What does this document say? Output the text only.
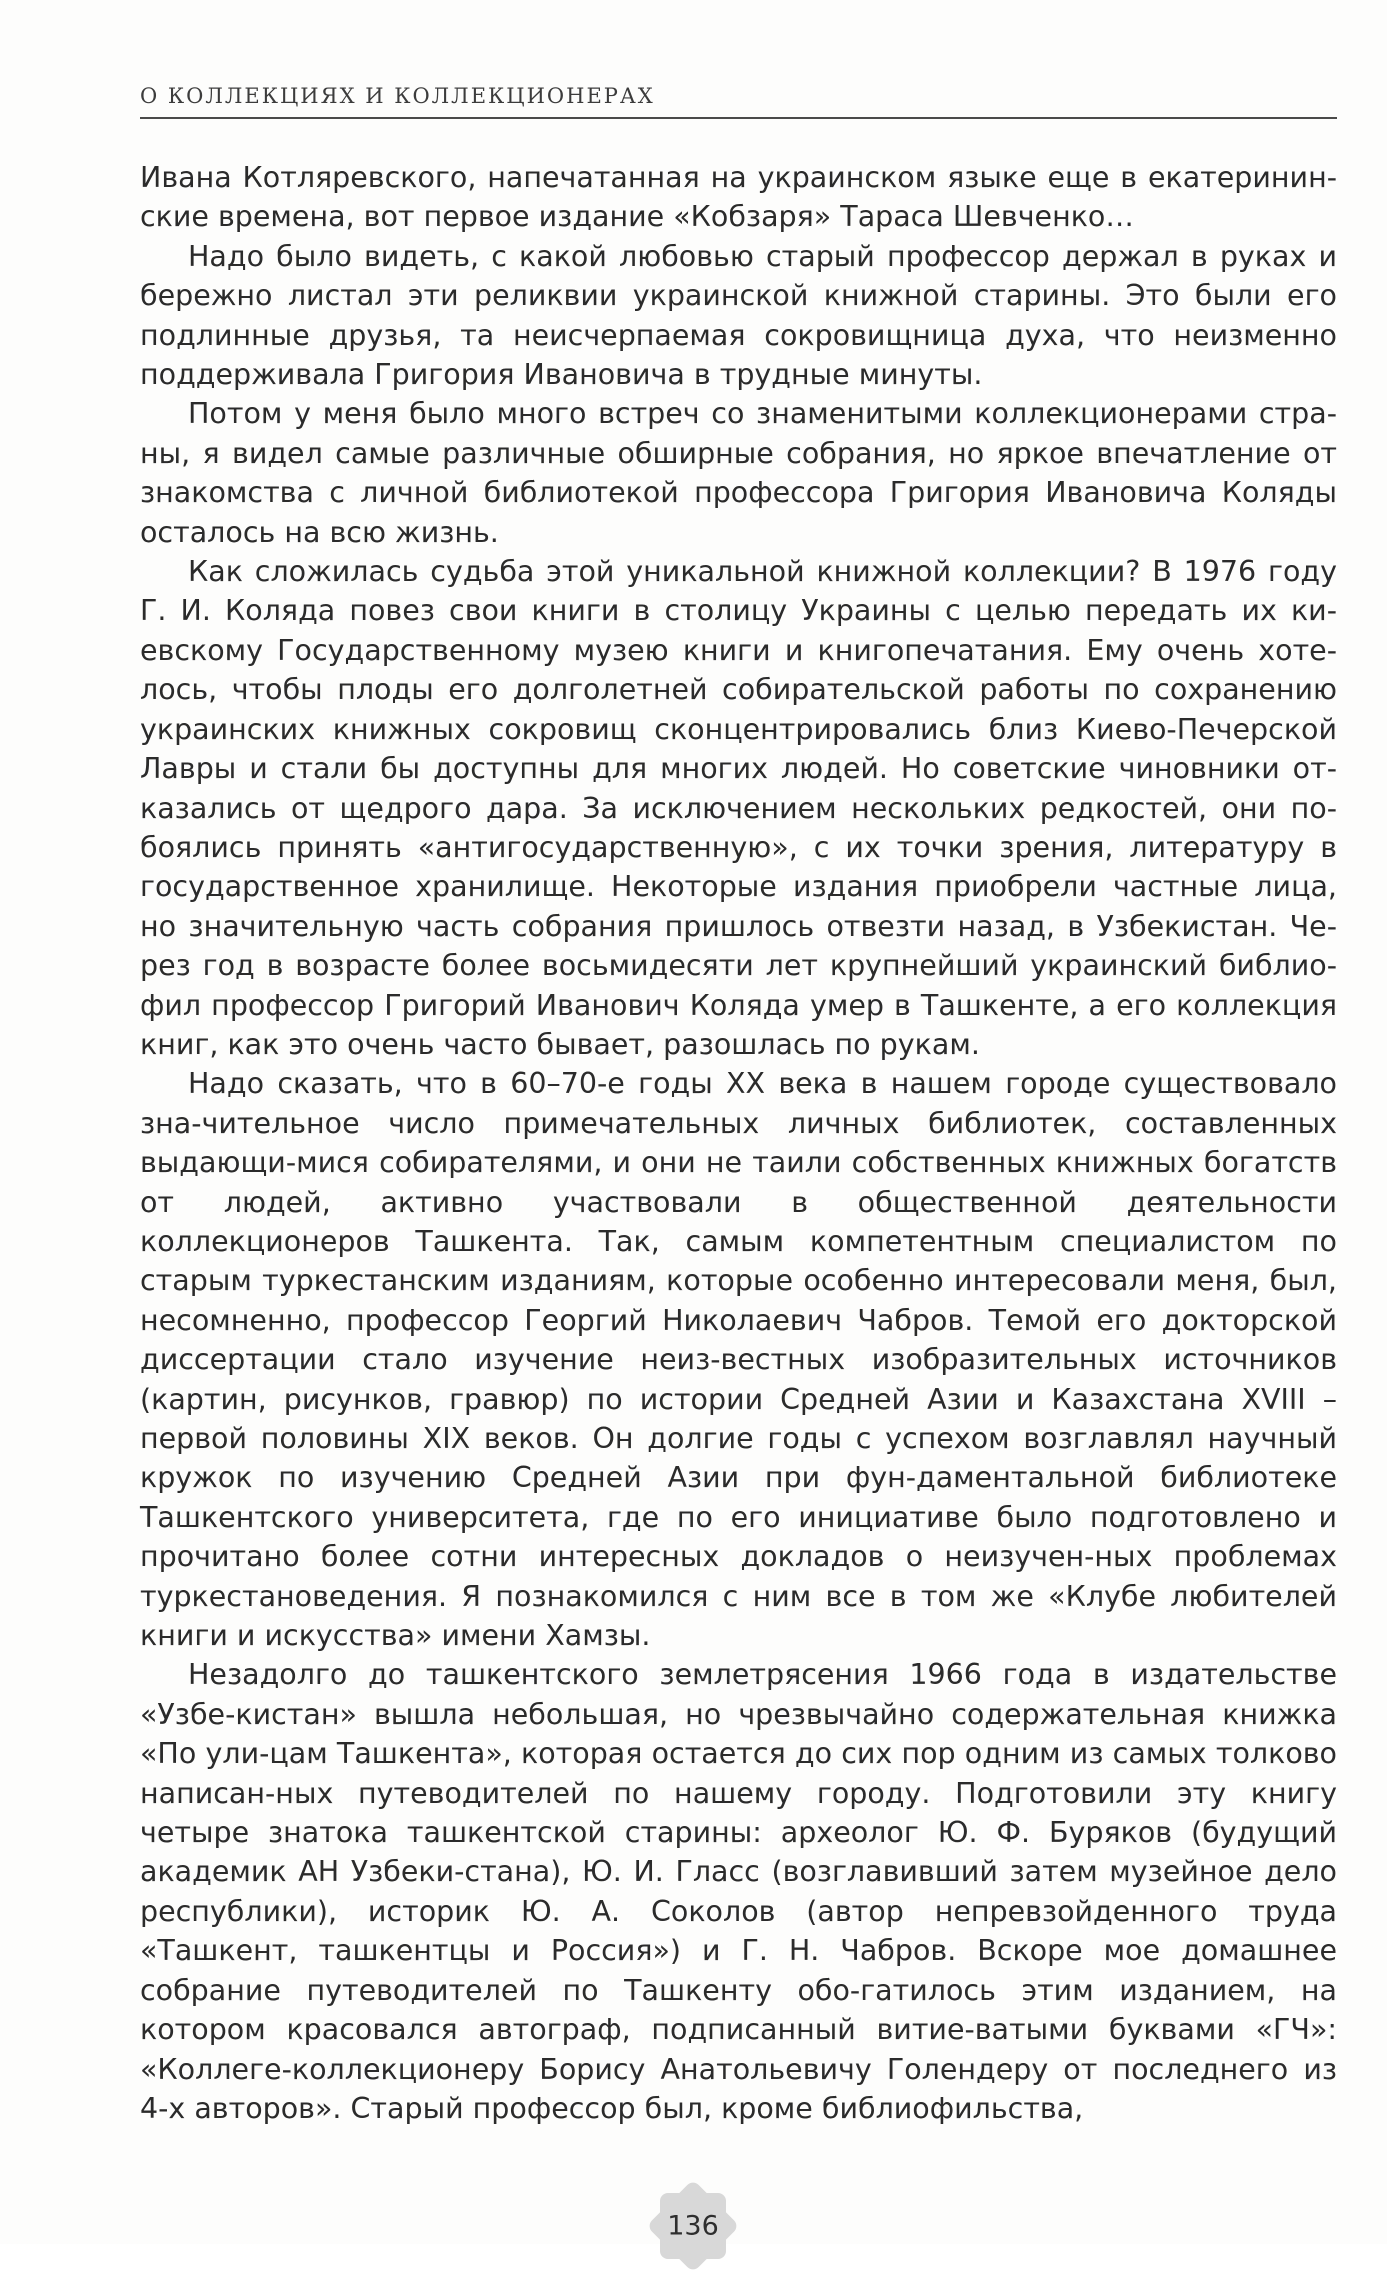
О КОЛЛЕКЦИЯХ И КОЛЛЕКЦИОНЕРАХ

Ивана Котляревского, напечатанная на украинском языке еще в екатеринин-ские времена, вот первое издание «Кобзаря» Тараса Шевченко…

Надо было видеть, с какой любовью старый профессор держал в руках и бережно листал эти реликвии украинской книжной старины. Это были его подлинные друзья, та неисчерпаемая сокровищница духа, что неизменно поддерживала Григория Ивановича в трудные минуты.

Потом у меня было много встреч со знаменитыми коллекционерами стра-ны, я видел самые различные обширные собрания, но яркое впечатление от знакомства с личной библиотекой профессора Григория Ивановича Коляды осталось на всю жизнь.

Как сложилась судьба этой уникальной книжной коллекции? В 1976 году Г. И. Коляда повез свои книги в столицу Украины с целью передать их ки-евскому Государственному музею книги и книгопечатания. Ему очень хоте-лось, чтобы плоды его долголетней собирательской работы по сохранению украинских книжных сокровищ сконцентрировались близ Киево-Печерской Лавры и стали бы доступны для многих людей. Но советские чиновники от-казались от щедрого дара. За исключением нескольких редкостей, они по-боялись принять «антигосударственную», с их точки зрения, литературу в государственное хранилище. Некоторые издания приобрели частные лица, но значительную часть собрания пришлось отвезти назад, в Узбекистан. Че-рез год в возрасте более восьмидесяти лет крупнейший украинский библио-фил профессор Григорий Иванович Коляда умер в Ташкенте, а его коллекция книг, как это очень часто бывает, разошлась по рукам.

Надо сказать, что в 60–70-е годы XX века в нашем городе существовало зна-чительное число примечательных личных библиотек, составленных выдающи-мися собирателями, и они не таили собственных книжных богатств от людей, активно участвовали в общественной деятельности коллекционеров Ташкента. Так, самым компетентным специалистом по старым туркестанским изданиям, которые особенно интересовали меня, был, несомненно, профессор Георгий Николаевич Чабров. Темой его докторской диссертации стало изучение неиз-вестных изобразительных источников (картин, рисунков, гравюр) по истории Средней Азии и Казахстана XVIII – первой половины XIX веков. Он долгие годы с успехом возглавлял научный кружок по изучению Средней Азии при фун-даментальной библиотеке Ташкентского университета, где по его инициативе было подготовлено и прочитано более сотни интересных докладов о неизучен-ных проблемах туркестановедения. Я познакомился с ним все в том же «Клубе любителей книги и искусства» имени Хамзы.

Незадолго до ташкентского землетрясения 1966 года в издательстве «Узбе-кистан» вышла небольшая, но чрезвычайно содержательная книжка «По ули-цам Ташкента», которая остается до сих пор одним из самых толково написан-ных путеводителей по нашему городу. Подготовили эту книгу четыре знатока ташкентской старины: археолог Ю. Ф. Буряков (будущий академик АН Узбеки-стана), Ю. И. Гласс (возглавивший затем музейное дело республики), историк Ю. А. Соколов (автор непревзойденного труда «Ташкент, ташкентцы и Россия») и Г. Н. Чабров. Вскоре мое домашнее собрание путеводителей по Ташкенту обо-гатилось этим изданием, на котором красовался автограф, подписанный витие-ватыми буквами «ГЧ»: «Коллеге-коллекционеру Борису Анатольевичу Голендеру от последнего из 4-х авторов». Старый профессор был, кроме библиофильства,

136
